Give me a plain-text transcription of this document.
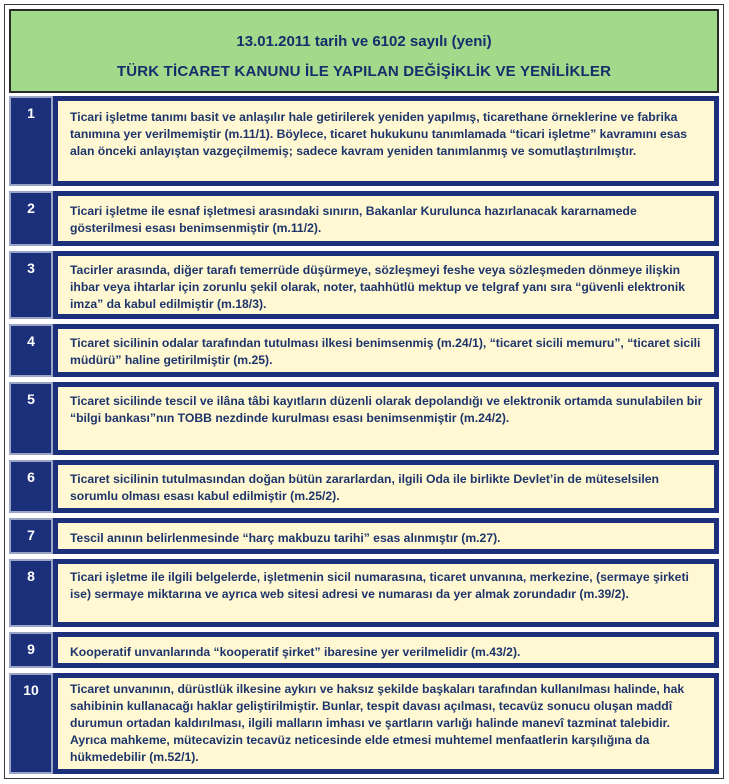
13.01.2011 tarih ve 6102 sayılı (yeni)
TÜRK TİCARET KANUNU İLE YAPILAN DEĞİŞİKLİK VE YENİLİKLER
1	Ticari işletme tanımı basit ve anlaşılır hale getirilerek yeniden yapılmış, ticarethane örneklerine ve fabrika tanımına yer verilmemiştir (m.11/1). Böylece, ticaret hukukunu tanımlamada “ticari işletme” kavramını esas alan önceki anlayıştan vazgeçilmemiş; sadece kavram yeniden tanımlanmış ve somutlaştırılmıştır.
2	Ticari işletme ile esnaf işletmesi arasındaki sınırın, Bakanlar Kurulunca hazırlanacak kararnamede gösterilmesi esası benimsenmiştir (m.11/2).
3	Tacirler arasında, diğer tarafı temerrüde düşürmeye, sözleşmeyi feshe veya sözleşmeden dönmeye ilişkin ihbar veya ihtarlar için zorunlu şekil olarak, noter, taahhütlü mektup ve telgraf yanı sıra “güvenli elektronik imza” da kabul edilmiştir (m.18/3).
4	Ticaret sicilinin odalar tarafından tutulması ilkesi benimsenmiş (m.24/1), “ticaret sicili memuru”, “ticaret sicili müdürü” haline getirilmiştir (m.25).
5	Ticaret sicilinde tescil ve ilâna tâbi kayıtların düzenli olarak depolandığı ve elektronik ortamda sunulabilen bir “bilgi bankası”nın TOBB nezdinde kurulması esası benimsenmiştir (m.24/2).
6	Ticaret sicilinin tutulmasından doğan bütün zararlardan, ilgili Oda ile birlikte Devlet’in de müteselsilen sorumlu olması esası kabul edilmiştir (m.25/2).
7	Tescil anının belirlenmesinde “harç makbuzu tarihi” esas alınmıştır (m.27).
8	Ticari işletme ile ilgili belgelerde, işletmenin sicil numarasına, ticaret unvanına, merkezine, (sermaye şirketi ise) sermaye miktarına ve ayrıca web sitesi adresi ve numarası da yer almak zorundadır (m.39/2).
9	Kooperatif unvanlarında “kooperatif şirket” ibaresine yer verilmelidir (m.43/2).
10	Ticaret unvanının, dürüstlük ilkesine aykırı ve haksız şekilde başkaları tarafından kullanılması halinde, hak sahibinin kullanacağı haklar geliştirilmiştir. Bunlar, tespit davası açılması, tecavüz sonucu oluşan maddî durumun ortadan kaldırılması, ilgili malların imhası ve şartların varlığı halinde manevî tazminat talebidir. Ayrıca mahkeme, mütecavizin tecavüz neticesinde elde etmesi muhtemel menfaatlerin karşılığına da hükmedebilir (m.52/1).
